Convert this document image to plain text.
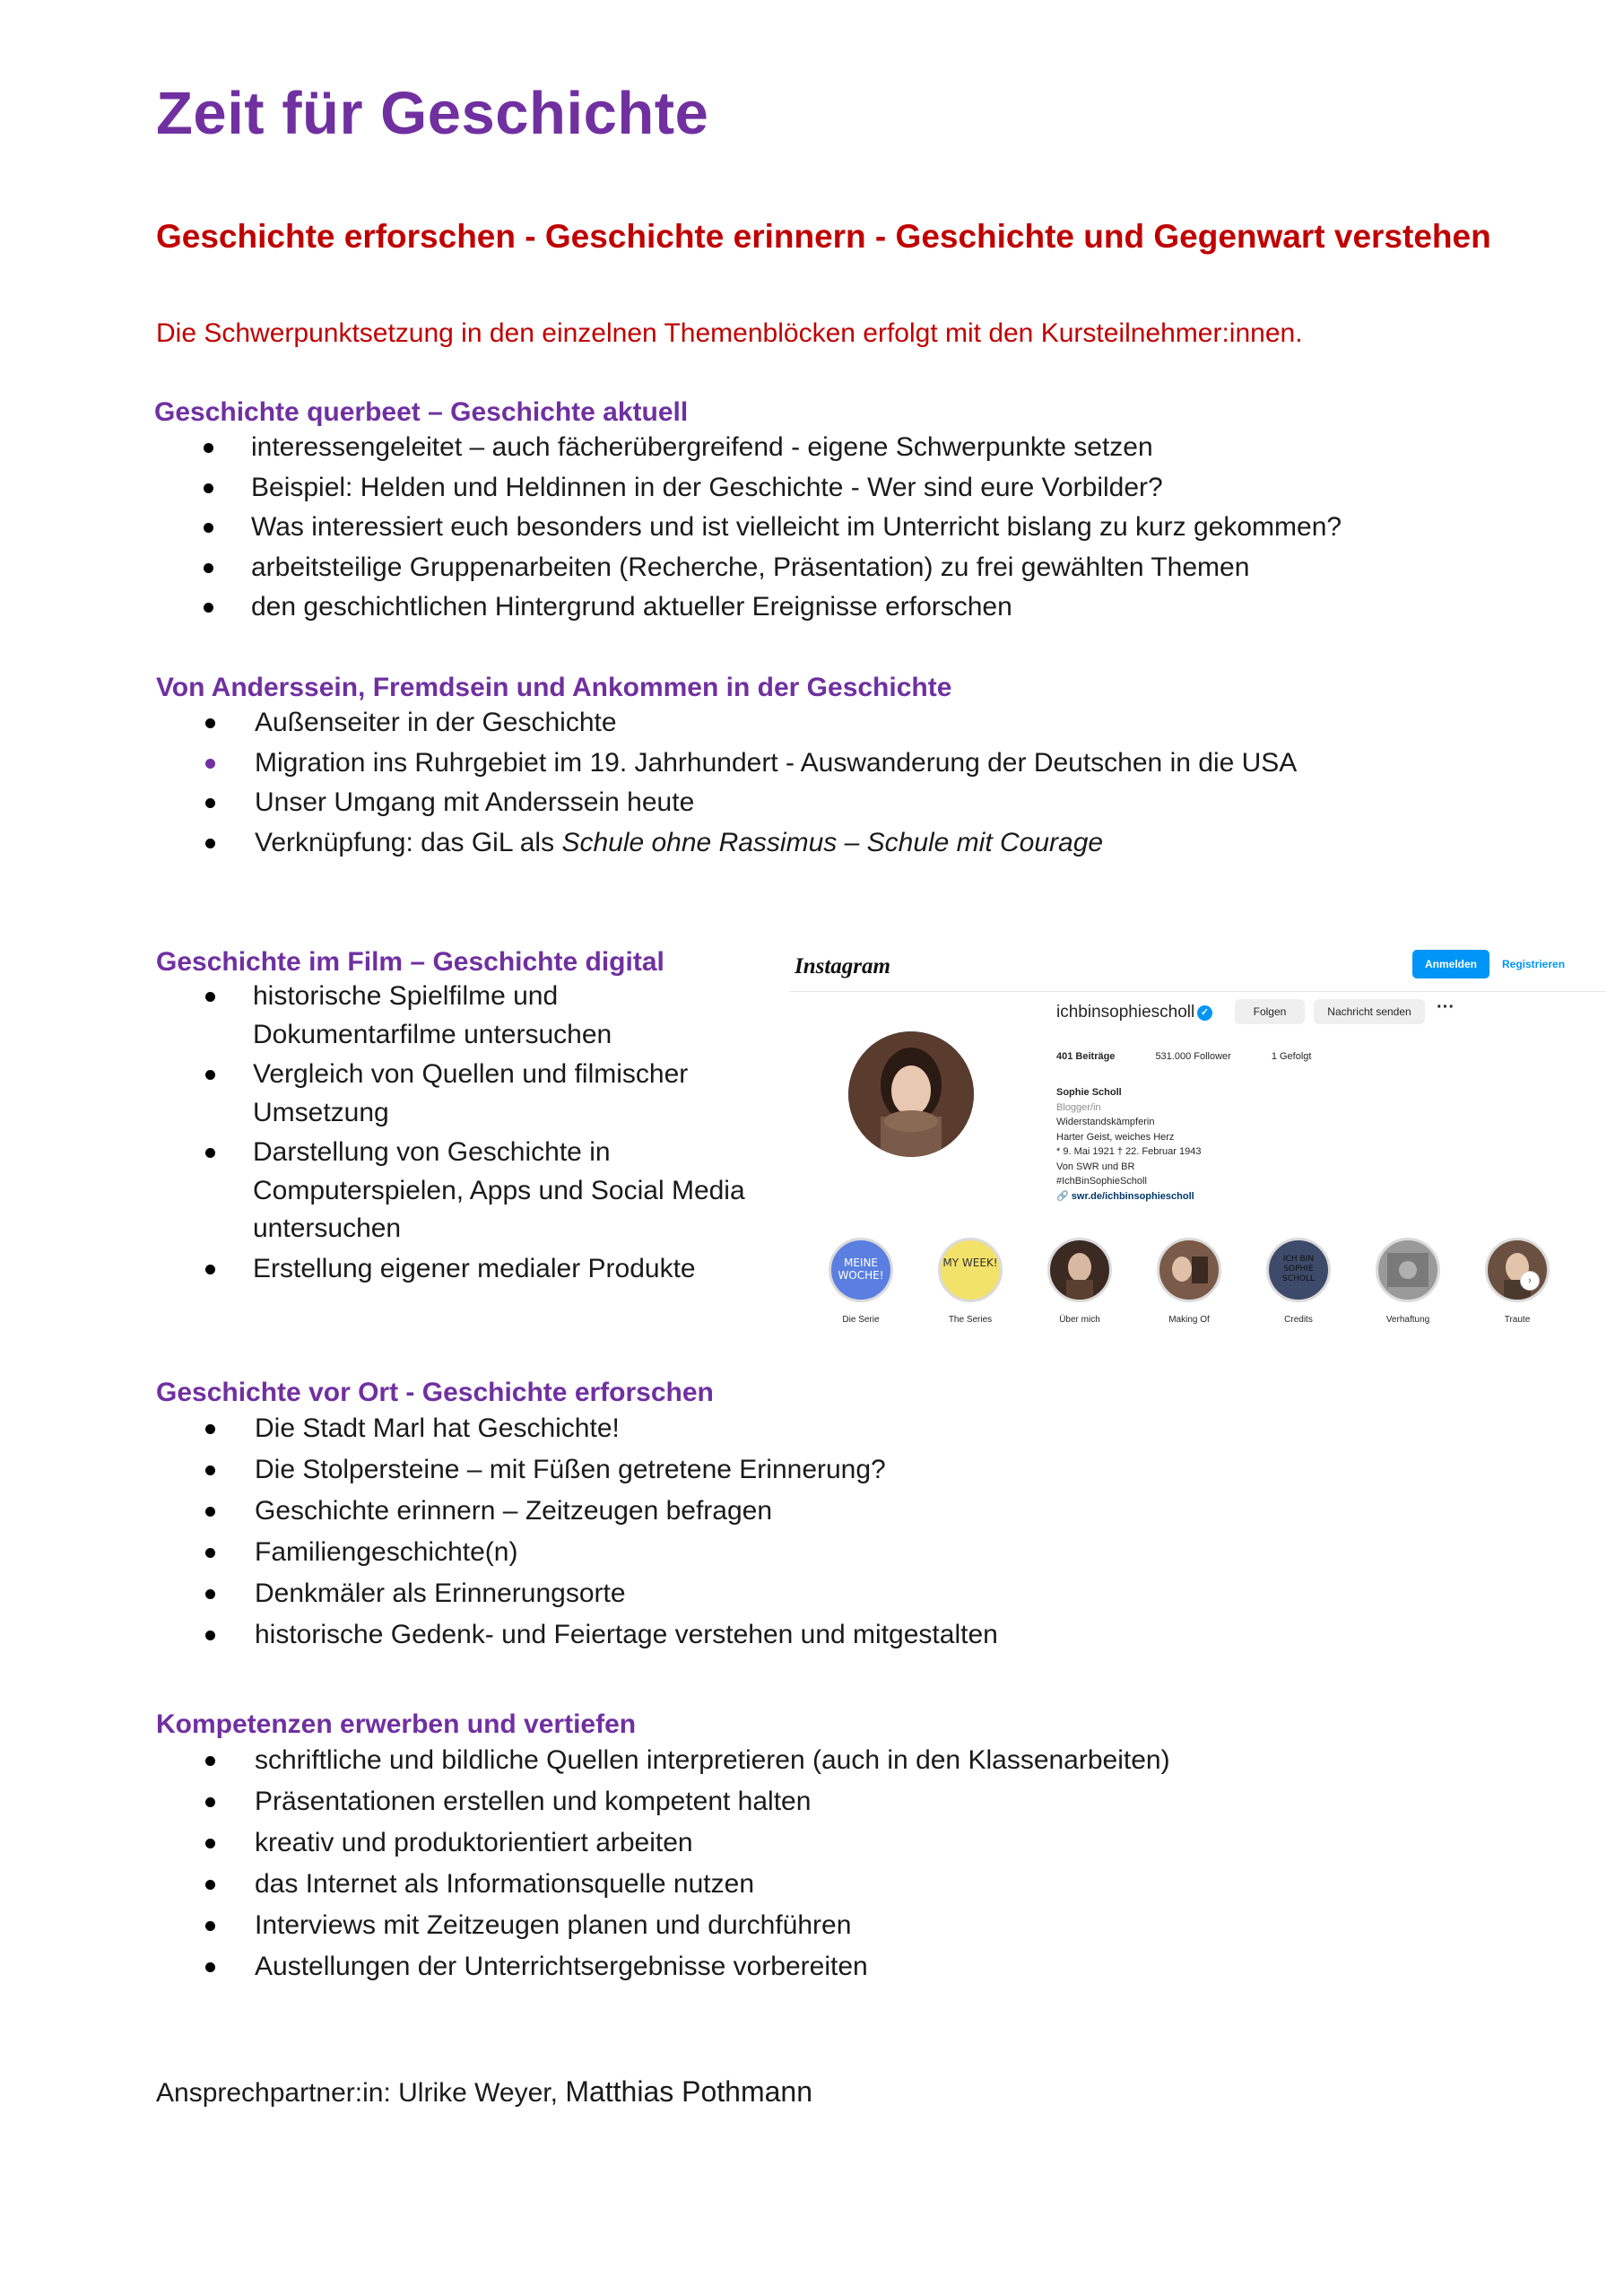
Zeit für Geschichte
Geschichte erforschen - Geschichte erinnern - Geschichte und Gegenwart verstehen
Die Schwerpunktsetzung in den einzelnen Themenblöcken erfolgt mit den Kursteilnehmer:innen.
Geschichte querbeet – Geschichte aktuell
interessengeleitet – auch fächerübergreifend - eigene Schwerpunkte setzen
Beispiel: Helden und Heldinnen in der Geschichte - Wer sind eure Vorbilder?
Was interessiert euch besonders und ist vielleicht im Unterricht bislang zu kurz gekommen?
arbeitsteilige Gruppenarbeiten (Recherche, Präsentation) zu frei gewählten Themen
den geschichtlichen Hintergrund aktueller Ereignisse erforschen
Von Anderssein, Fremdsein und Ankommen in der Geschichte
Außenseiter in der Geschichte
Migration ins Ruhrgebiet im 19. Jahrhundert - Auswanderung der Deutschen in die USA
Unser Umgang mit Anderssein heute
Verknüpfung: das GiL als Schule ohne Rassimus – Schule mit Courage
Geschichte im Film – Geschichte digital
historische Spielfilme und Dokumentarfilme untersuchen
Vergleich von Quellen und filmischer Umsetzung
Darstellung von Geschichte in Computerspielen, Apps und Social Media untersuchen
Erstellung eigener medialer Produkte
Instagram	Anmelden	Registrieren
ichbinsophiescholl ✓	Folgen	Nachricht senden	···
401 Beiträge	531.000 Follower	1 Gefolgt
Sophie Scholl
Blogger/in
Widerstandskämpferin
Harter Geist, weiches Herz
* 9. Mai 1921 † 22. Februar 1943
Von SWR und BR
#IchBinSophieScholl
🔗 swr.de/ichbinsophiescholl
MEINE WOCHE!
Die Serie
MY WEEK!
The Series	Über mich	Making Of
ICH BIN SOPHIE SCHOLL
Credits	Verhaftung	Traute
›
Geschichte vor Ort - Geschichte erforschen
Die Stadt Marl hat Geschichte!
Die Stolpersteine – mit Füßen getretene Erinnerung?
Geschichte erinnern – Zeitzeugen befragen
Familiengeschichte(n)
Denkmäler als Erinnerungsorte
historische Gedenk- und Feiertage verstehen und mitgestalten
Kompetenzen erwerben und vertiefen
schriftliche und bildliche Quellen interpretieren (auch in den Klassenarbeiten)
Präsentationen erstellen und kompetent halten
kreativ und produktorientiert arbeiten
das Internet als Informationsquelle nutzen
Interviews mit Zeitzeugen planen und durchführen
Austellungen der Unterrichtsergebnisse vorbereiten
Ansprechpartner:in: Ulrike Weyer, Matthias Pothmann
